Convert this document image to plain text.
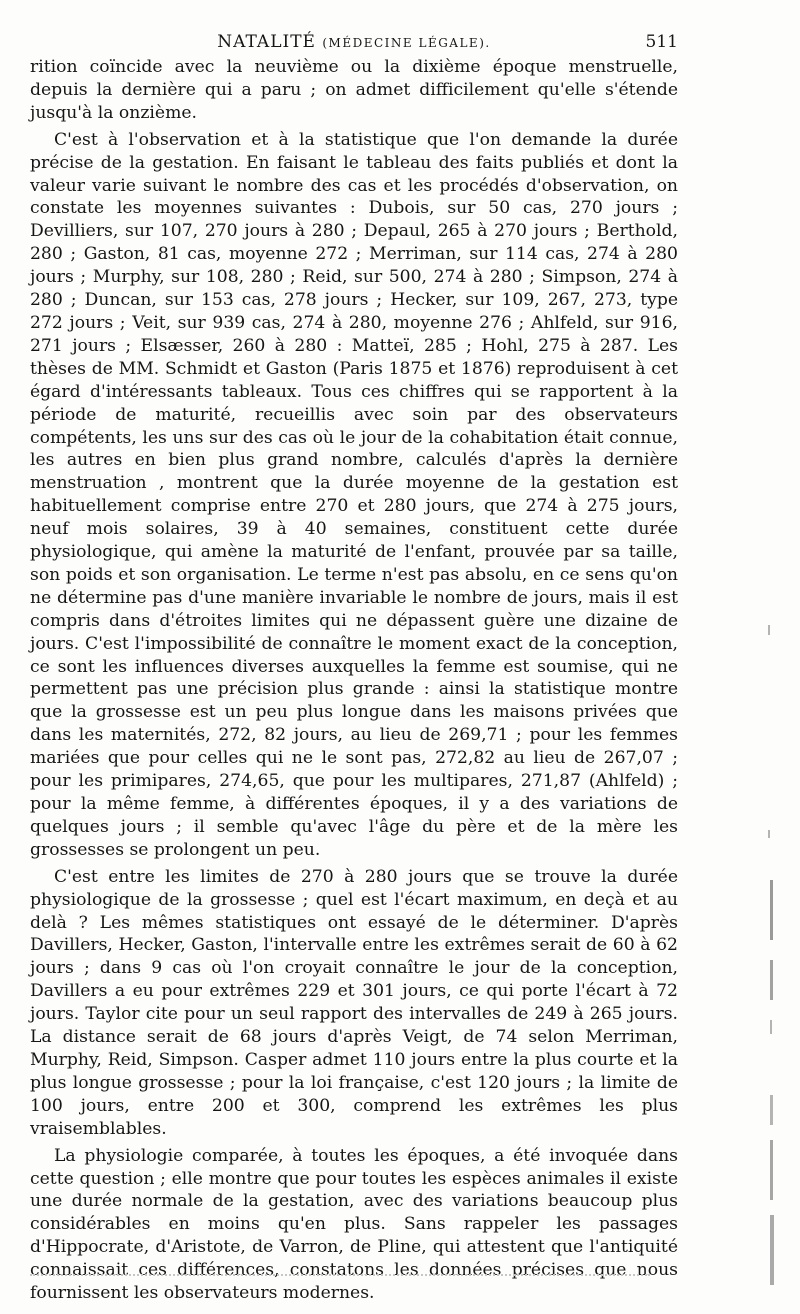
NATALITÉ (MÉDECINE LÉGALE).	511

rition coïncide avec la neuvième ou la dixième époque menstruelle, depuis la dernière qui a paru ; on admet difficilement qu'elle s'étende jusqu'à la onzième.

C'est à l'observation et à la statistique que l'on demande la durée précise de la gestation. En faisant le tableau des faits publiés et dont la valeur varie suivant le nombre des cas et les procédés d'observation, on constate les moyennes suivantes : Dubois, sur 50 cas, 270 jours ; Devilliers, sur 107, 270 jours à 280 ; Depaul, 265 à 270 jours ; Berthold, 280 ; Gaston, 81 cas, moyenne 272 ; Merriman, sur 114 cas, 274 à 280 jours ; Murphy, sur 108, 280 ; Reid, sur 500, 274 à 280 ; Simpson, 274 à 280 ; Duncan, sur 153 cas, 278 jours ; Hecker, sur 109, 267, 273, type 272 jours ; Veit, sur 939 cas, 274 à 280, moyenne 276 ; Ahlfeld, sur 916, 271 jours ; Elsæsser, 260 à 280 : Matteï, 285 ; Hohl, 275 à 287. Les thèses de MM. Schmidt et Gaston (Paris 1875 et 1876) reproduisent à cet égard d'intéressants tableaux. Tous ces chiffres qui se rapportent à la période de maturité, recueillis avec soin par des observateurs compétents, les uns sur des cas où le jour de la cohabitation était connue, les autres en bien plus grand nombre, calculés d'après la dernière menstruation , montrent que la durée moyenne de la gestation est habituellement comprise entre 270 et 280 jours, que 274 à 275 jours, neuf mois solaires, 39 à 40 semaines, constituent cette durée physiologique, qui amène la maturité de l'enfant, prouvée par sa taille, son poids et son organisation. Le terme n'est pas absolu, en ce sens qu'on ne détermine pas d'une manière invariable le nombre de jours, mais il est compris dans d'étroites limites qui ne dépassent guère une dizaine de jours. C'est l'impossibilité de connaître le moment exact de la conception, ce sont les influences diverses auxquelles la femme est soumise, qui ne permettent pas une précision plus grande : ainsi la statistique montre que la grossesse est un peu plus longue dans les maisons privées que dans les maternités, 272, 82 jours, au lieu de 269,71 ; pour les femmes mariées que pour celles qui ne le sont pas, 272,82 au lieu de 267,07 ; pour les primipares, 274,65, que pour les multipares, 271,87 (Ahlfeld) ; pour la même femme, à différentes époques, il y a des variations de quelques jours ; il semble qu'avec l'âge du père et de la mère les grossesses se prolongent un peu.

C'est entre les limites de 270 à 280 jours que se trouve la durée physiologique de la grossesse ; quel est l'écart maximum, en deçà et au delà ? Les mêmes statistiques ont essayé de le déterminer. D'après Davillers, Hecker, Gaston, l'intervalle entre les extrêmes serait de 60 à 62 jours ; dans 9 cas où l'on croyait connaître le jour de la conception, Davillers a eu pour extrêmes 229 et 301 jours, ce qui porte l'écart à 72 jours. Taylor cite pour un seul rapport des intervalles de 249 à 265 jours. La distance serait de 68 jours d'après Veigt, de 74 selon Merriman, Murphy, Reid, Simpson. Casper admet 110 jours entre la plus courte et la plus longue grossesse ; pour la loi française, c'est 120 jours ; la limite de 100 jours, entre 200 et 300, comprend les extrêmes les plus vraisemblables.

La physiologie comparée, à toutes les époques, a été invoquée dans cette question ; elle montre que pour toutes les espèces animales il existe une durée normale de la gestation, avec des variations beaucoup plus considérables en moins qu'en plus. Sans rappeler les passages d'Hippocrate, d'Aristote, de Varron, de Pline, qui attestent que l'antiquité connaissait ces différences, constatons les données précises que nous fournissent les observateurs modernes.
